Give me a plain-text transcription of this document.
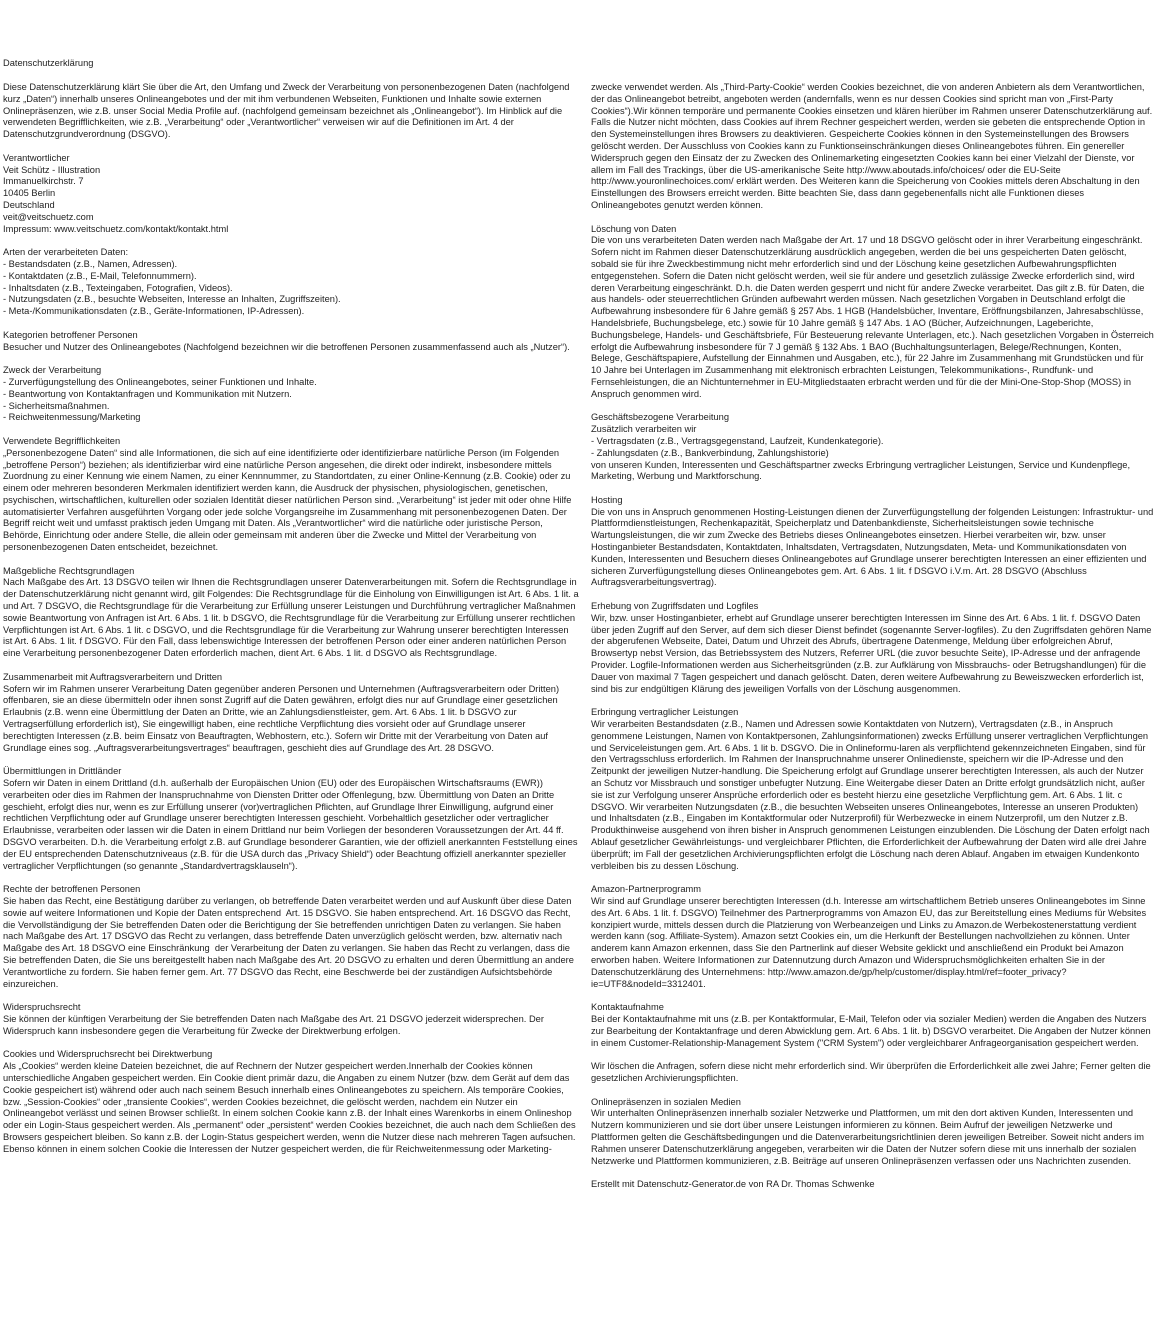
Datenschutzerklärung

Diese Datenschutzerklärung klärt Sie über die Art, den Umfang und Zweck der Verarbeitung von personenbezogenen Daten (nachfolgend kurz „Daten“) innerhalb unseres Onlineangebotes und der mit ihm verbundenen Webseiten, Funktionen und Inhalte sowie externen Onlinepräsenzen, wie z.B. unser Social Media Profile auf. (nachfolgend gemeinsam bezeichnet als „Onlineangebot“). Im Hinblick auf die verwendeten Begrifflichkeiten, wie z.B. „Verarbeitung“ oder „Verantwortlicher“ verweisen wir auf die Definitionen im Art. 4 der Datenschutzgrundverordnung (DSGVO).

Verantwortlicher
Veit Schütz - Illustration
Immanuelkirchstr. 7
10405 Berlin
Deutschland
veit@veitschuetz.com
Impressum: www.veitschuetz.com/kontakt/kontakt.html

Arten der verarbeiteten Daten:
- Bestandsdaten (z.B., Namen, Adressen).
- Kontaktdaten (z.B., E-Mail, Telefonnummern).
- Inhaltsdaten (z.B., Texteingaben, Fotografien, Videos).
- Nutzungsdaten (z.B., besuchte Webseiten, Interesse an Inhalten, Zugriffszeiten).
- Meta-/Kommunikationsdaten (z.B., Geräte-Informationen, IP-Adressen).

Kategorien betroffener Personen
Besucher und Nutzer des Onlineangebotes (Nachfolgend bezeichnen wir die betroffenen Personen zusammenfassend auch als „Nutzer“).

Zweck der Verarbeitung
- Zurverfügungstellung des Onlineangebotes, seiner Funktionen und Inhalte.
- Beantwortung von Kontaktanfragen und Kommunikation mit Nutzern.
- Sicherheitsmaßnahmen.
- Reichweitenmessung/Marketing

Verwendete Begrifflichkeiten
„Personenbezogene Daten“ sind alle Informationen, die sich auf eine identifizierte oder identifizierbare natürliche Person (im Folgenden „betroffene Person“) beziehen; als identifizierbar wird eine natürliche Person angesehen, die direkt oder indirekt, insbesondere mittels Zuordnung zu einer Kennung wie einem Namen, zu einer Kennnummer, zu Standortdaten, zu einer Online-Kennung (z.B. Cookie) oder zu einem oder mehreren besonderen Merkmalen identifiziert werden kann, die Ausdruck der physischen, physiologischen, genetischen, psychischen, wirtschaftlichen, kulturellen oder sozialen Identität dieser natürlichen Person sind. „Verarbeitung“ ist jeder mit oder ohne Hilfe automatisierter Verfahren ausgeführten Vorgang oder jede solche Vorgangsreihe im Zusammenhang mit personenbezogenen Daten. Der Begriff reicht weit und umfasst praktisch jeden Umgang mit Daten. Als „Verantwortlicher“ wird die natürliche oder juristische Person, Behörde, Einrichtung oder andere Stelle, die allein oder gemeinsam mit anderen über die Zwecke und Mittel der Verarbeitung von personenbezogenen Daten entscheidet, bezeichnet.

Maßgebliche Rechtsgrundlagen
Nach Maßgabe des Art. 13 DSGVO teilen wir Ihnen die Rechtsgrundlagen unserer Datenverarbeitungen mit. Sofern die Rechtsgrundlage in der Datenschutzerklärung nicht genannt wird, gilt Folgendes: Die Rechtsgrundlage für die Einholung von Einwilligungen ist Art. 6 Abs. 1 lit. a und Art. 7 DSGVO, die Rechtsgrundlage für die Verarbeitung zur Erfüllung unserer Leistungen und Durchführung vertraglicher Maßnahmen sowie Beantwortung von Anfragen ist Art. 6 Abs. 1 lit. b DSGVO, die Rechtsgrundlage für die Verarbeitung zur Erfüllung unserer rechtlichen Verpflichtungen ist Art. 6 Abs. 1 lit. c DSGVO, und die Rechtsgrundlage für die Verarbeitung zur Wahrung unserer berechtigten Interessen ist Art. 6 Abs. 1 lit. f DSGVO. Für den Fall, dass lebenswichtige Interessen der betroffenen Person oder einer anderen natürlichen Person eine Verarbeitung personenbezogener Daten erforderlich machen, dient Art. 6 Abs. 1 lit. d DSGVO als Rechtsgrundlage.

Zusammenarbeit mit Auftragsverarbeitern und Dritten
Sofern wir im Rahmen unserer Verarbeitung Daten gegenüber anderen Personen und Unternehmen (Auftragsverarbeitern oder Dritten) offenbaren, sie an diese übermitteln oder ihnen sonst Zugriff auf die Daten gewähren, erfolgt dies nur auf Grundlage einer gesetzlichen Erlaubnis (z.B. wenn eine Übermittlung der Daten an Dritte, wie an Zahlungsdienstleister, gem. Art. 6 Abs. 1 lit. b DSGVO zur Vertragserfüllung erforderlich ist), Sie eingewilligt haben, eine rechtliche Verpflichtung dies vorsieht oder auf Grundlage unserer berechtigten Interessen (z.B. beim Einsatz von Beauftragten, Webhostern, etc.). Sofern wir Dritte mit der Verarbeitung von Daten auf Grundlage eines sog. „Auftragsverarbeitungsvertrages“ beauftragen, geschieht dies auf Grundlage des Art. 28 DSGVO.

Übermittlungen in Drittländer
Sofern wir Daten in einem Drittland (d.h. außerhalb der Europäischen Union (EU) oder des Europäischen Wirtschaftsraums (EWR)) verarbeiten oder dies im Rahmen der Inanspruchnahme von Diensten Dritter oder Offenlegung, bzw. Übermittlung von Daten an Dritte geschieht, erfolgt dies nur, wenn es zur Erfüllung unserer (vor)vertraglichen Pflichten, auf Grundlage Ihrer Einwilligung, aufgrund einer rechtlichen Verpflichtung oder auf Grundlage unserer berechtigten Interessen geschieht. Vorbehaltlich gesetzlicher oder vertraglicher Erlaubnisse, verarbeiten oder lassen wir die Daten in einem Drittland nur beim Vorliegen der besonderen Voraussetzungen der Art. 44 ff. DSGVO verarbeiten. D.h. die Verarbeitung erfolgt z.B. auf Grundlage besonderer Garantien, wie der offiziell anerkannten Feststellung eines der EU entsprechenden Datenschutzniveaus (z.B. für die USA durch das „Privacy Shield“) oder Beachtung offiziell anerkannter spezieller vertraglicher Verpflichtungen (so genannte „Standardvertragsklauseln“).

Rechte der betroffenen Personen
Sie haben das Recht, eine Bestätigung darüber zu verlangen, ob betreffende Daten verarbeitet werden und auf Auskunft über diese Daten sowie auf weitere Informationen und Kopie der Daten entsprechend  Art. 15 DSGVO. Sie haben entsprechend. Art. 16 DSGVO das Recht, die Vervollständigung der Sie betreffenden Daten oder die Berichtigung der Sie betreffenden unrichtigen Daten zu verlangen. Sie haben nach Maßgabe des Art. 17 DSGVO das Recht zu verlangen, dass betreffende Daten unverzüglich gelöscht werden, bzw. alternativ nach Maßgabe des Art. 18 DSGVO eine Einschränkung  der Verarbeitung der Daten zu verlangen. Sie haben das Recht zu verlangen, dass die Sie betreffenden Daten, die Sie uns bereitgestellt haben nach Maßgabe des Art. 20 DSGVO zu erhalten und deren Übermittlung an andere Verantwortliche zu fordern. Sie haben ferner gem. Art. 77 DSGVO das Recht, eine Beschwerde bei der zuständigen Aufsichtsbehörde einzureichen.

Widerspruchsrecht
Sie können der künftigen Verarbeitung der Sie betreffenden Daten nach Maßgabe des Art. 21 DSGVO jederzeit widersprechen. Der Widerspruch kann insbesondere gegen die Verarbeitung für Zwecke der Direktwerbung erfolgen.

Cookies und Widerspruchsrecht bei Direktwerbung
Als „Cookies“ werden kleine Dateien bezeichnet, die auf Rechnern der Nutzer gespeichert werden.Innerhalb der Cookies können unterschiedliche Angaben gespeichert werden. Ein Cookie dient primär dazu, die Angaben zu einem Nutzer (bzw. dem Gerät auf dem das Cookie gespeichert ist) während oder auch nach seinem Besuch innerhalb eines Onlineangebotes zu speichern. Als temporäre Cookies, bzw. „Session-Cookies“ oder „transiente Cookies“, werden Cookies bezeichnet, die gelöscht werden, nachdem ein Nutzer ein Onlineangebot verlässt und seinen Browser schließt. In einem solchen Cookie kann z.B. der Inhalt eines Warenkorbs in einem Onlineshop oder ein Login-Staus gespeichert werden. Als „permanent“ oder „persistent“ werden Cookies bezeichnet, die auch nach dem Schließen des Browsers gespeichert bleiben. So kann z.B. der Login-Status gespeichert werden, wenn die Nutzer diese nach mehreren Tagen aufsuchen. Ebenso können in einem solchen Cookie die Interessen der Nutzer gespeichert werden, die für Reichweitenmessung oder Marketing-

zwecke verwendet werden. Als „Third-Party-Cookie“ werden Cookies bezeichnet, die von anderen Anbietern als dem Verantwortlichen, der das Onlineangebot betreibt, angeboten werden (andernfalls, wenn es nur dessen Cookies sind spricht man von „First-Party Cookies“).Wir können temporäre und permanente Cookies einsetzen und klären hierüber im Rahmen unserer Datenschutzerklärung auf. Falls die Nutzer nicht möchten, dass Cookies auf ihrem Rechner gespeichert werden, werden sie gebeten die entsprechende Option in den Systemeinstellungen ihres Browsers zu deaktivieren. Gespeicherte Cookies können in den Systemeinstellungen des Browsers gelöscht werden. Der Ausschluss von Cookies kann zu Funktionseinschränkungen dieses Onlineangebotes führen. Ein genereller Widerspruch gegen den Einsatz der zu Zwecken des Onlinemarketing eingesetzten Cookies kann bei einer Vielzahl der Dienste, vor allem im Fall des Trackings, über die US-amerikanische Seite http://www.aboutads.info/choices/ oder die EU-Seite http://www.youronlinechoices.com/ erklärt werden. Des Weiteren kann die Speicherung von Cookies mittels deren Abschaltung in den Einstellungen des Browsers erreicht werden. Bitte beachten Sie, dass dann gegebenenfalls nicht alle Funktionen dieses Onlineangebotes genutzt werden können.

Löschung von Daten
Die von uns verarbeiteten Daten werden nach Maßgabe der Art. 17 und 18 DSGVO gelöscht oder in ihrer Verarbeitung eingeschränkt. Sofern nicht im Rahmen dieser Datenschutzerklärung ausdrücklich angegeben, werden die bei uns gespeicherten Daten gelöscht, sobald sie für ihre Zweckbestimmung nicht mehr erforderlich sind und der Löschung keine gesetzlichen Aufbewahrungspflichten entgegenstehen. Sofern die Daten nicht gelöscht werden, weil sie für andere und gesetzlich zulässige Zwecke erforderlich sind, wird deren Verarbeitung eingeschränkt. D.h. die Daten werden gesperrt und nicht für andere Zwecke verarbeitet. Das gilt z.B. für Daten, die aus handels- oder steuerrechtlichen Gründen aufbewahrt werden müssen. Nach gesetzlichen Vorgaben in Deutschland erfolgt die Aufbewahrung insbesondere für 6 Jahre gemäß § 257 Abs. 1 HGB (Handelsbücher, Inventare, Eröffnungsbilanzen, Jahresabschlüsse, Handelsbriefe, Buchungsbelege, etc.) sowie für 10 Jahre gemäß § 147 Abs. 1 AO (Bücher, Aufzeichnungen, Lageberichte, Buchungsbelege, Handels- und Geschäftsbriefe, Für Besteuerung relevante Unterlagen, etc.). Nach gesetzlichen Vorgaben in Österreich erfolgt die Aufbewahrung insbesondere für 7 J gemäß § 132 Abs. 1 BAO (Buchhaltungsunterlagen, Belege/Rechnungen, Konten, Belege, Geschäftspapiere, Aufstellung der Einnahmen und Ausgaben, etc.), für 22 Jahre im Zusammenhang mit Grundstücken und für 10 Jahre bei Unterlagen im Zusammenhang mit elektronisch erbrachten Leistungen, Telekommunikations-, Rundfunk- und Fernsehleistungen, die an Nichtunternehmer in EU-Mitgliedstaaten erbracht werden und für die der Mini-One-Stop-Shop (MOSS) in Anspruch genommen wird.

Geschäftsbezogene Verarbeitung
Zusätzlich verarbeiten wir
- Vertragsdaten (z.B., Vertragsgegenstand, Laufzeit, Kundenkategorie).
- Zahlungsdaten (z.B., Bankverbindung, Zahlungshistorie)
von unseren Kunden, Interessenten und Geschäftspartner zwecks Erbringung vertraglicher Leistungen, Service und Kundenpflege, Marketing, Werbung und Marktforschung.

Hosting
Die von uns in Anspruch genommenen Hosting-Leistungen dienen der Zurverfügungstellung der folgenden Leistungen: Infrastruktur- und Plattformdienstleistungen, Rechenkapazität, Speicherplatz und Datenbankdienste, Sicherheitsleistungen sowie technische Wartungsleistungen, die wir zum Zwecke des Betriebs dieses Onlineangebotes einsetzen. Hierbei verarbeiten wir, bzw. unser Hostinganbieter Bestandsdaten, Kontaktdaten, Inhaltsdaten, Vertragsdaten, Nutzungsdaten, Meta- und Kommunikationsdaten von Kunden, Interessenten und Besuchern dieses Onlineangebotes auf Grundlage unserer berechtigten Interessen an einer effizienten und sicheren Zurverfügungstellung dieses Onlineangebotes gem. Art. 6 Abs. 1 lit. f DSGVO i.V.m. Art. 28 DSGVO (Abschluss Auftragsverarbeitungsvertrag).

Erhebung von Zugriffsdaten und Logfiles
Wir, bzw. unser Hostinganbieter, erhebt auf Grundlage unserer berechtigten Interessen im Sinne des Art. 6 Abs. 1 lit. f. DSGVO Daten über jeden Zugriff auf den Server, auf dem sich dieser Dienst befindet (sogenannte Server-logfiles). Zu den Zugriffsdaten gehören Name der abgerufenen Webseite, Datei, Datum und Uhrzeit des Abrufs, übertragene Datenmenge, Meldung über erfolgreichen Abruf, Browsertyp nebst Version, das Betriebssystem des Nutzers, Referrer URL (die zuvor besuchte Seite), IP-Adresse und der anfragende Provider. Logfile-Informationen werden aus Sicherheitsgründen (z.B. zur Aufklärung von Missbrauchs- oder Betrugshandlungen) für die Dauer von maximal 7 Tagen gespeichert und danach gelöscht. Daten, deren weitere Aufbewahrung zu Beweiszwecken erforderlich ist, sind bis zur endgültigen Klärung des jeweiligen Vorfalls von der Löschung ausgenommen.

Erbringung vertraglicher Leistungen
Wir verarbeiten Bestandsdaten (z.B., Namen und Adressen sowie Kontaktdaten von Nutzern), Vertragsdaten (z.B., in Anspruch genommene Leistungen, Namen von Kontaktpersonen, Zahlungsinformationen) zwecks Erfüllung unserer vertraglichen Verpflichtungen und Serviceleistungen gem. Art. 6 Abs. 1 lit b. DSGVO. Die in Onlineformu-laren als verpflichtend gekennzeichneten Eingaben, sind für den Vertragsschluss erforderlich. Im Rahmen der Inanspruchnahme unserer Onlinedienste, speichern wir die IP-Adresse und den Zeitpunkt der jeweiligen Nutzer-handlung. Die Speicherung erfolgt auf Grundlage unserer berechtigten Interessen, als auch der Nutzer an Schutz vor Missbrauch und sonstiger unbefugter Nutzung. Eine Weitergabe dieser Daten an Dritte erfolgt grundsätzlich nicht, außer sie ist zur Verfolgung unserer Ansprüche erforderlich oder es besteht hierzu eine gesetzliche Verpflichtung gem. Art. 6 Abs. 1 lit. c DSGVO. Wir verarbeiten Nutzungsdaten (z.B., die besuchten Webseiten unseres Onlineangebotes, Interesse an unseren Produkten) und Inhaltsdaten (z.B., Eingaben im Kontaktformular oder Nutzerprofil) für Werbezwecke in einem Nutzerprofil, um den Nutzer z.B. Produkthinweise ausgehend von ihren bisher in Anspruch genommenen Leistungen einzublenden. Die Löschung der Daten erfolgt nach Ablauf gesetzlicher Gewährleistungs- und vergleichbarer Pflichten, die Erforderlichkeit der Aufbewahrung der Daten wird alle drei Jahre überprüft; im Fall der gesetzlichen Archivierungspflichten erfolgt die Löschung nach deren Ablauf. Angaben im etwaigen Kundenkonto verbleiben bis zu dessen Löschung.

Amazon-Partnerprogramm
Wir sind auf Grundlage unserer berechtigten Interessen (d.h. Interesse am wirtschaftlichem Betrieb unseres Onlineangebotes im Sinne des Art. 6 Abs. 1 lit. f. DSGVO) Teilnehmer des Partnerprogramms von Amazon EU, das zur Bereitstellung eines Mediums für Websites konzipiert wurde, mittels dessen durch die Platzierung von Werbeanzeigen und Links zu Amazon.de Werbekostenerstattung verdient werden kann (sog. Affiliate-System). Amazon setzt Cookies ein, um die Herkunft der Bestellungen nachvollziehen zu können. Unter anderem kann Amazon erkennen, dass Sie den Partnerlink auf dieser Website geklickt und anschließend ein Produkt bei Amazon erworben haben. Weitere Informationen zur Datennutzung durch Amazon und Widerspruchsmöglichkeiten erhalten Sie in der Datenschutzerklärung des Unternehmens: http://www.amazon.de/gp/help/customer/display.html/ref=footer_privacy?ie=UTF8&nodeId=3312401.

Kontaktaufnahme
Bei der Kontaktaufnahme mit uns (z.B. per Kontaktformular, E-Mail, Telefon oder via sozialer Medien) werden die Angaben des Nutzers zur Bearbeitung der Kontaktanfrage und deren Abwicklung gem. Art. 6 Abs. 1 lit. b) DSGVO verarbeitet. Die Angaben der Nutzer können in einem Customer-Relationship-Management System ("CRM System") oder vergleichbarer Anfrageorganisation gespeichert werden.

Wir löschen die Anfragen, sofern diese nicht mehr erforderlich sind. Wir überprüfen die Erforderlichkeit alle zwei Jahre; Ferner gelten die gesetzlichen Archivierungspflichten.

Onlinepräsenzen in sozialen Medien
Wir unterhalten Onlinepräsenzen innerhalb sozialer Netzwerke und Plattformen, um mit den dort aktiven Kunden, Interessenten und Nutzern kommunizieren und sie dort über unsere Leistungen informieren zu können. Beim Aufruf der jeweiligen Netzwerke und Plattformen gelten die Geschäftsbedingungen und die Datenverarbeitungsrichtlinien deren jeweiligen Betreiber. Soweit nicht anders im Rahmen unserer Datenschutzerklärung angegeben, verarbeiten wir die Daten der Nutzer sofern diese mit uns innerhalb der sozialen Netzwerke und Plattformen kommunizieren, z.B. Beiträge auf unseren Onlinepräsenzen verfassen oder uns Nachrichten zusenden.

Erstellt mit Datenschutz-Generator.de von RA Dr. Thomas Schwenke
